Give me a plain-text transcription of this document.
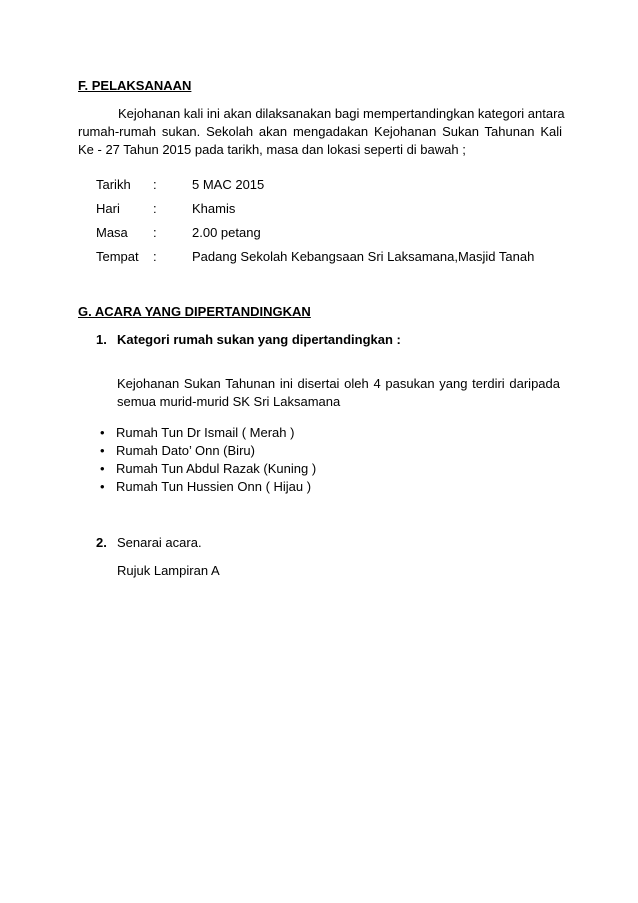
F. PELAKSANAAN
Kejohanan kali ini akan dilaksanakan bagi mempertandingkan kategori antara
rumah-rumah sukan. Sekolah akan mengadakan Kejohanan Sukan Tahunan Kali
Ke - 27 Tahun 2015 pada tarikh, masa dan lokasi seperti di bawah ;
Tarikh :	5 MAC 2015
Hari	:	Khamis
Masa :	2.00 petang
Tempat :	Padang Sekolah Kebangsaan Sri Laksamana,Masjid Tanah
G. ACARA YANG DIPERTANDINGKAN
1. Kategori rumah sukan yang dipertandingkan :
Kejohanan Sukan Tahunan ini disertai oleh 4 pasukan yang terdiri daripada
semua murid-murid SK Sri Laksamana
• Rumah Tun Dr Ismail ( Merah )
• Rumah Dato’ Onn (Biru)
• Rumah Tun Abdul Razak (Kuning )
• Rumah Tun Hussien Onn ( Hijau )
2. Senarai acara.
Rujuk Lampiran A
